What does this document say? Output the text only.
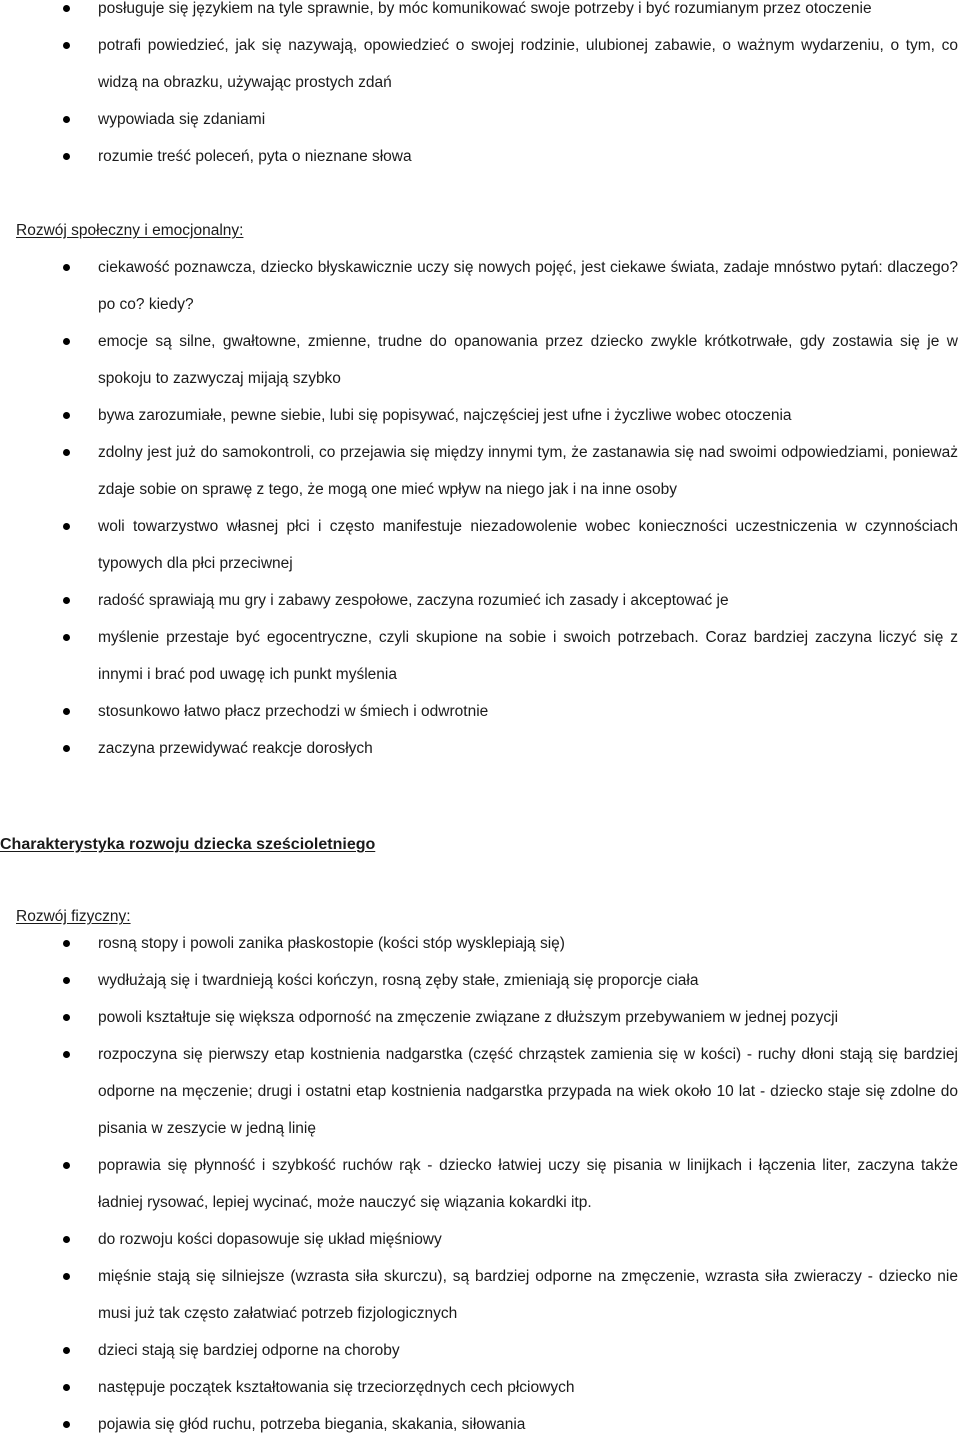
posługuje się językiem na tyle sprawnie, by móc komunikować swoje potrzeby i być rozumianym przez otoczenie
potrafi powiedzieć, jak się nazywają, opowiedzieć o swojej rodzinie, ulubionej zabawie, o ważnym wydarzeniu, o tym, co widzą na obrazku, używając prostych zdań
wypowiada się zdaniami
rozumie treść poleceń, pyta o nieznane słowa

Rozwój społeczny i emocjonalny:

ciekawość poznawcza, dziecko błyskawicznie uczy się nowych pojęć, jest ciekawe świata, zadaje mnóstwo pytań: dlaczego? po co? kiedy?
emocje są silne, gwałtowne, zmienne, trudne do opanowania przez dziecko zwykle krótkotrwałe, gdy zostawia się je w spokoju to zazwyczaj mijają szybko
bywa zarozumiałe, pewne siebie, lubi się popisywać, najczęściej jest ufne i życzliwe wobec otoczenia
zdolny jest już do samokontroli, co przejawia się między innymi tym, że zastanawia się nad swoimi odpowiedziami, ponieważ zdaje sobie on sprawę z tego, że mogą one mieć wpływ na niego jak i na inne osoby
woli towarzystwo własnej płci i często manifestuje niezadowolenie wobec konieczności uczestniczenia w czynnościach typowych dla płci przeciwnej
radość sprawiają mu gry i zabawy zespołowe, zaczyna rozumieć ich zasady i akceptować je
myślenie przestaje być egocentryczne, czyli skupione na sobie i swoich potrzebach. Coraz bardziej zaczyna liczyć się z innymi i brać pod uwagę ich punkt myślenia
stosunkowo łatwo płacz przechodzi w śmiech i odwrotnie
zaczyna przewidywać reakcje dorosłych
Charakterystyka rozwoju dziecka sześcioletniego

Rozwój fizyczny:

rosną stopy i powoli zanika płaskostopie (kości stóp wysklepiają się)
wydłużają się i twardnieją kości kończyn, rosną zęby stałe, zmieniają się proporcje ciała
powoli kształtuje się większa odporność na zmęczenie związane z dłuższym przebywaniem w jednej pozycji
rozpoczyna się pierwszy etap kostnienia nadgarstka (część chrząstek zamienia się w kości) - ruchy dłoni stają się bardziej odporne na męczenie; drugi i ostatni etap kostnienia nadgarstka przypada na wiek około 10 lat - dziecko staje się zdolne do pisania w zeszycie w jedną linię
poprawia się płynność i szybkość ruchów rąk - dziecko łatwiej uczy się pisania w linijkach i łączenia liter, zaczyna także ładniej rysować, lepiej wycinać, może nauczyć się wiązania kokardki itp.
do rozwoju kości dopasowuje się układ mięśniowy
mięśnie stają się silniejsze (wzrasta siła skurczu), są bardziej odporne na zmęczenie, wzrasta siła zwieraczy - dziecko nie musi już tak często załatwiać potrzeb fizjologicznych
dzieci stają się bardziej odporne na choroby
następuje początek kształtowania się trzeciorzędnych cech płciowych
pojawia się głód ruchu, potrzeba biegania, skakania, siłowania
